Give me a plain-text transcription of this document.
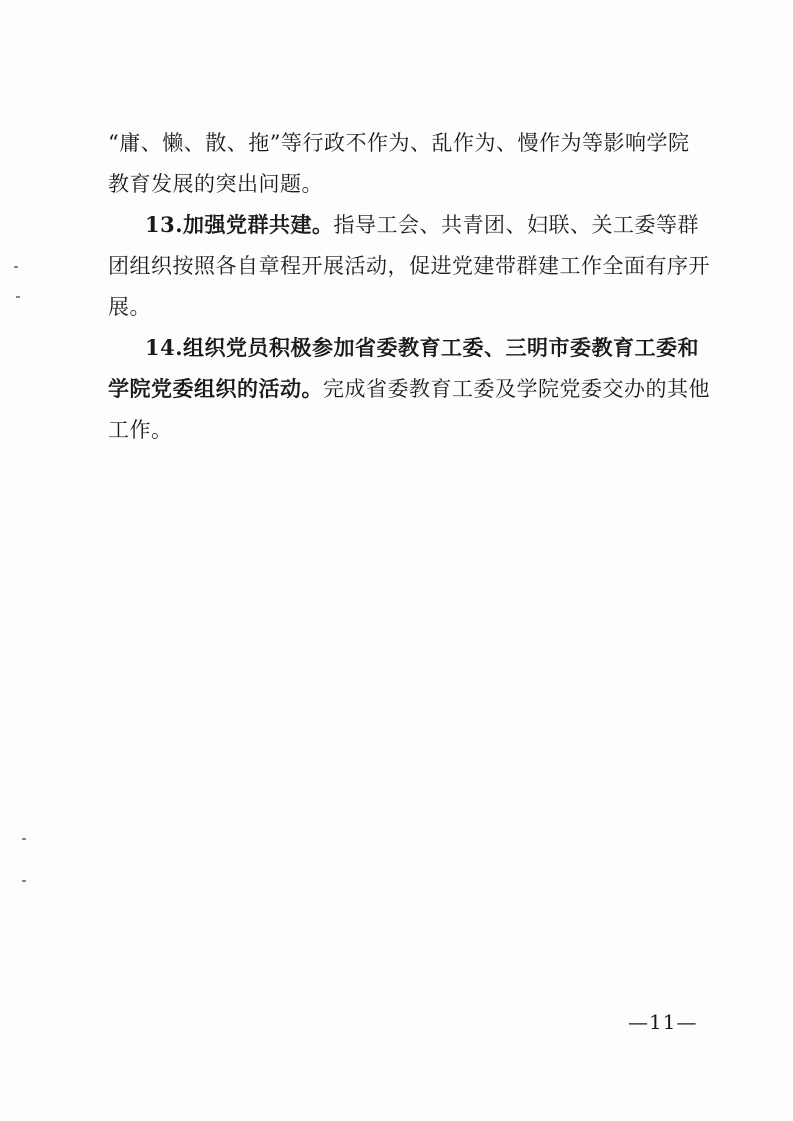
“庸、懒、散、拖”等行政不作为、乱作为、慢作为等影响学院
教育发展的突出问题。
13.加强党群共建。指导工会、共青团、妇联、关工委等群
团组织按照各自章程开展活动，促进党建带群建工作全面有序开
展。
14.组织党员积极参加省委教育工委、三明市委教育工委和
学院党委组织的活动。完成省委教育工委及学院党委交办的其他
工作。
—11—
